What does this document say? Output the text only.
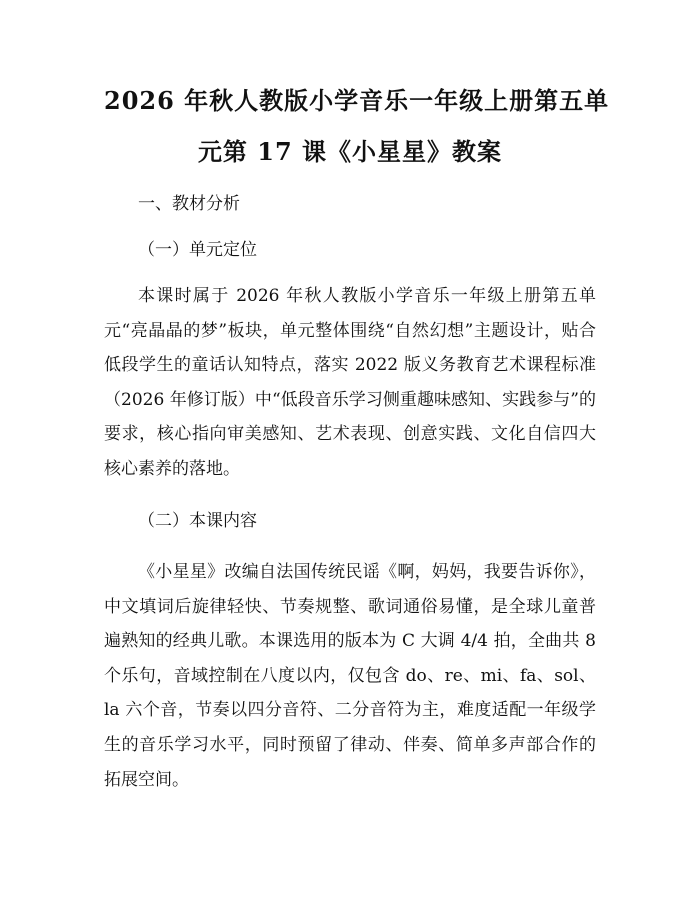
2026 年秋人教版小学音乐一年级上册第五单
元第 17 课《小星星》教案

一、教材分析

（一）单元定位

本课时属于 2026 年秋人教版小学音乐一年级上册第五单元“亮晶晶的梦”板块，单元整体围绕“自然幻想”主题设计，贴合低段学生的童话认知特点，落实 2022 版义务教育艺术课程标准（2026 年修订版）中“低段音乐学习侧重趣味感知、实践参与”的要求，核心指向审美感知、艺术表现、创意实践、文化自信四大核心素养的落地。

（二）本课内容

《小星星》改编自法国传统民谣《啊，妈妈，我要告诉你》，中文填词后旋律轻快、节奏规整、歌词通俗易懂，是全球儿童普遍熟知的经典儿歌。本课选用的版本为 C 大调 4/4 拍，全曲共 8 个乐句，音域控制在八度以内，仅包含 do、re、mi、fa、sol、la 六个音，节奏以四分音符、二分音符为主，难度适配一年级学生的音乐学习水平，同时预留了律动、伴奏、简单多声部合作的拓展空间。
